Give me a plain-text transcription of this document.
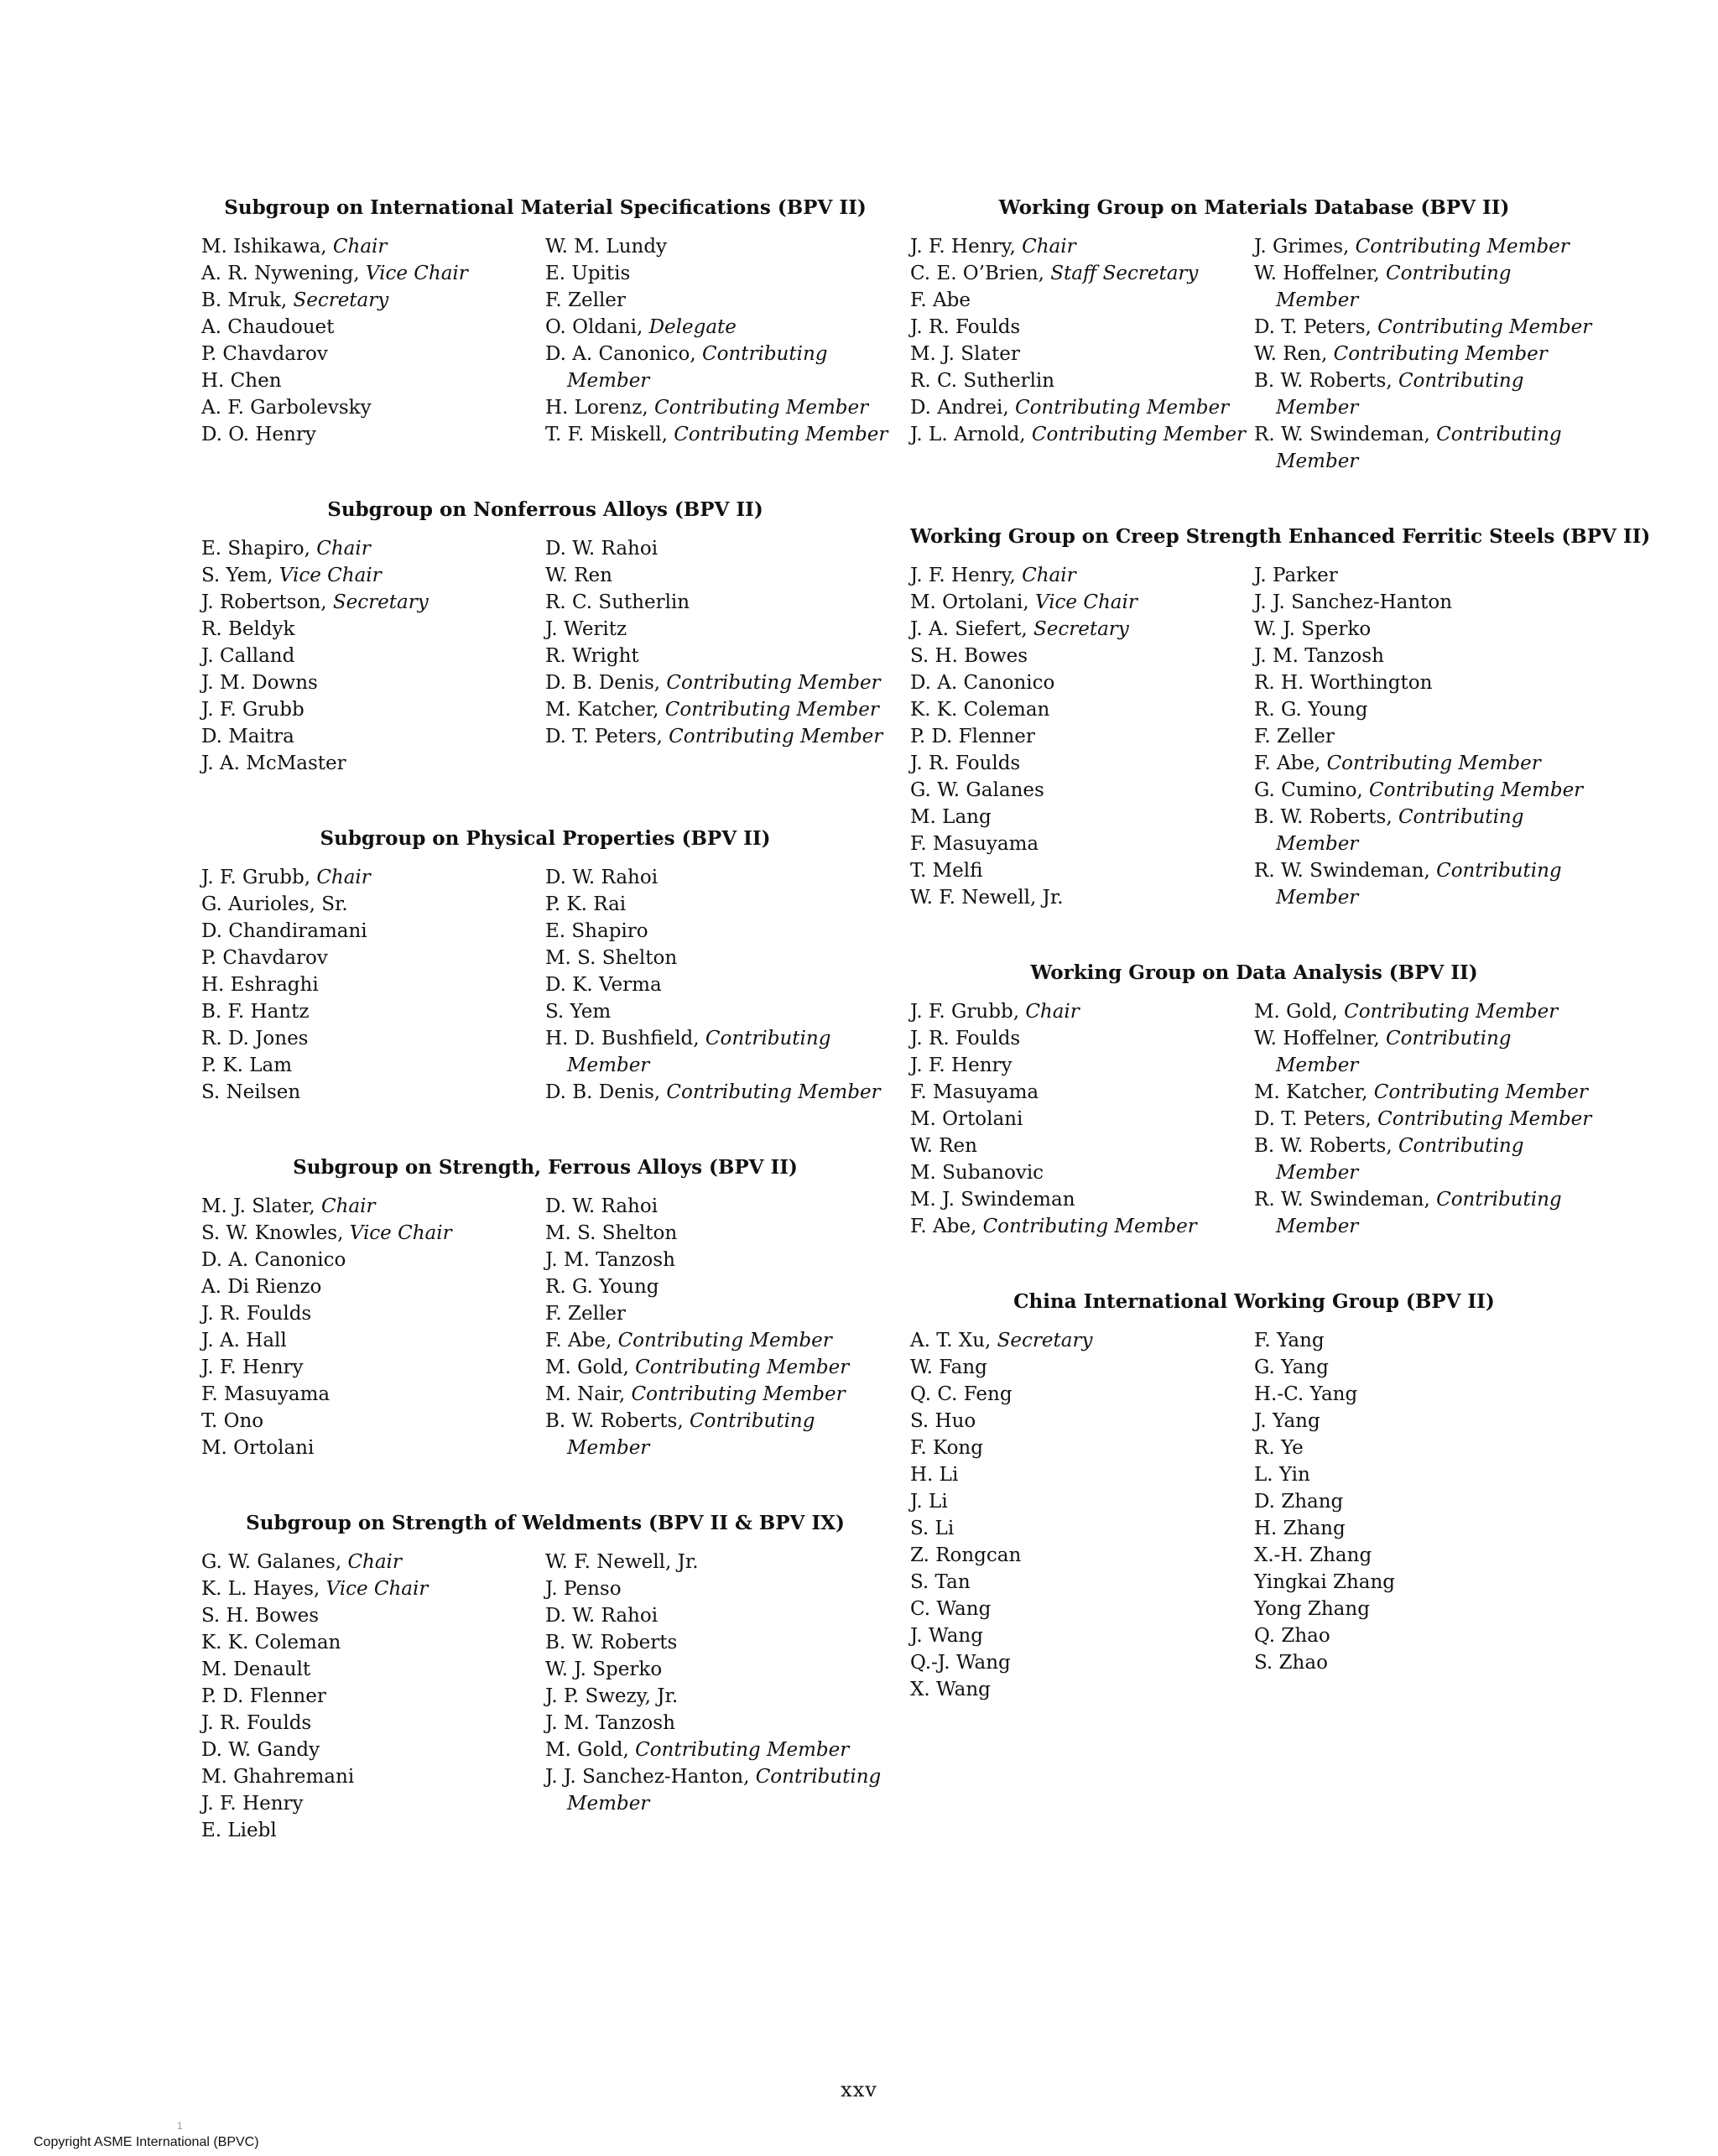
Subgroup on International Material Specifications (BPV II)
M. Ishikawa, Chair
A. R. Nywening, Vice Chair
B. Mruk, Secretary
A. Chaudouet
P. Chavdarov
H. Chen
A. F. Garbolevsky
D. O. Henry
W. M. Lundy
E. Upitis
F. Zeller
O. Oldani, Delegate
D. A. Canonico, Contributing Member
H. Lorenz, Contributing Member
T. F. Miskell, Contributing Member
Subgroup on Nonferrous Alloys (BPV II)
E. Shapiro, Chair
S. Yem, Vice Chair
J. Robertson, Secretary
R. Beldyk
J. Calland
J. M. Downs
J. F. Grubb
D. Maitra
J. A. McMaster
D. W. Rahoi
W. Ren
R. C. Sutherlin
J. Weritz
R. Wright
D. B. Denis, Contributing Member
M. Katcher, Contributing Member
D. T. Peters, Contributing Member
Subgroup on Physical Properties (BPV II)
J. F. Grubb, Chair
G. Aurioles, Sr.
D. Chandiramani
P. Chavdarov
H. Eshraghi
B. F. Hantz
R. D. Jones
P. K. Lam
S. Neilsen
D. W. Rahoi
P. K. Rai
E. Shapiro
M. S. Shelton
D. K. Verma
S. Yem
H. D. Bushfield, Contributing Member
D. B. Denis, Contributing Member
Subgroup on Strength, Ferrous Alloys (BPV II)
M. J. Slater, Chair
S. W. Knowles, Vice Chair
D. A. Canonico
A. Di Rienzo
J. R. Foulds
J. A. Hall
J. F. Henry
F. Masuyama
T. Ono
M. Ortolani
D. W. Rahoi
M. S. Shelton
J. M. Tanzosh
R. G. Young
F. Zeller
F. Abe, Contributing Member
M. Gold, Contributing Member
M. Nair, Contributing Member
B. W. Roberts, Contributing Member
Subgroup on Strength of Weldments (BPV II & BPV IX)
G. W. Galanes, Chair
K. L. Hayes, Vice Chair
S. H. Bowes
K. K. Coleman
M. Denault
P. D. Flenner
J. R. Foulds
D. W. Gandy
M. Ghahremani
J. F. Henry
E. Liebl
W. F. Newell, Jr.
J. Penso
D. W. Rahoi
B. W. Roberts
W. J. Sperko
J. P. Swezy, Jr.
J. M. Tanzosh
M. Gold, Contributing Member
J. J. Sanchez-Hanton, Contributing Member
Working Group on Materials Database (BPV II)
J. F. Henry, Chair
C. E. O’Brien, Staff Secretary
F. Abe
J. R. Foulds
M. J. Slater
R. C. Sutherlin
D. Andrei, Contributing Member
J. L. Arnold, Contributing Member
J. Grimes, Contributing Member
W. Hoffelner, Contributing Member
D. T. Peters, Contributing Member
W. Ren, Contributing Member
B. W. Roberts, Contributing Member
R. W. Swindeman, Contributing Member
Working Group on Creep Strength Enhanced Ferritic Steels (BPV II)
J. F. Henry, Chair
M. Ortolani, Vice Chair
J. A. Siefert, Secretary
S. H. Bowes
D. A. Canonico
K. K. Coleman
P. D. Flenner
J. R. Foulds
G. W. Galanes
M. Lang
F. Masuyama
T. Melfi
W. F. Newell, Jr.
J. Parker
J. J. Sanchez-Hanton
W. J. Sperko
J. M. Tanzosh
R. H. Worthington
R. G. Young
F. Zeller
F. Abe, Contributing Member
G. Cumino, Contributing Member
B. W. Roberts, Contributing Member
R. W. Swindeman, Contributing Member
Working Group on Data Analysis (BPV II)
J. F. Grubb, Chair
J. R. Foulds
J. F. Henry
F. Masuyama
M. Ortolani
W. Ren
M. Subanovic
M. J. Swindeman
F. Abe, Contributing Member
M. Gold, Contributing Member
W. Hoffelner, Contributing Member
M. Katcher, Contributing Member
D. T. Peters, Contributing Member
B. W. Roberts, Contributing Member
R. W. Swindeman, Contributing Member
China International Working Group (BPV II)
A. T. Xu, Secretary
W. Fang
Q. C. Feng
S. Huo
F. Kong
H. Li
J. Li
S. Li
Z. Rongcan
S. Tan
C. Wang
J. Wang
Q.-J. Wang
X. Wang
F. Yang
G. Yang
H.-C. Yang
J. Yang
R. Ye
L. Yin
D. Zhang
H. Zhang
X.-H. Zhang
Yingkai Zhang
Yong Zhang
Q. Zhao
S. Zhao
xxv
1
Copyright ASME International (BPVC)
